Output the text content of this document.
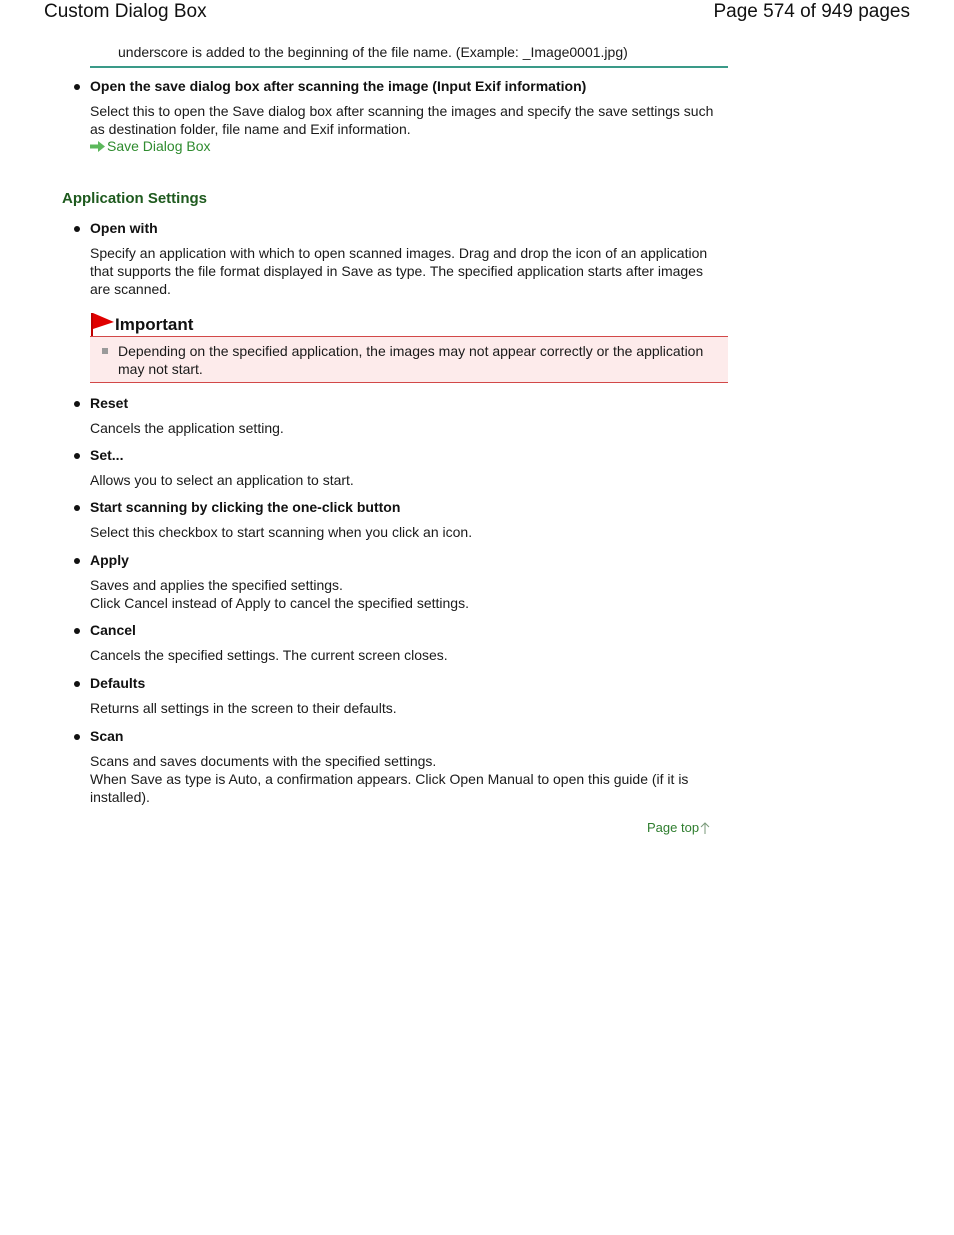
Custom Dialog Box	Page 574 of 949 pages
underscore is added to the beginning of the file name. (Example: _Image0001.jpg)
Open the save dialog box after scanning the image (Input Exif information)
Select this to open the Save dialog box after scanning the images and specify the save settings such as destination folder, file name and Exif information.
Save Dialog Box
Application Settings
Open with
Specify an application with which to open scanned images. Drag and drop the icon of an application that supports the file format displayed in Save as type. The specified application starts after images are scanned.
Important
Depending on the specified application, the images may not appear correctly or the application may not start.
Reset
Cancels the application setting.
Set...
Allows you to select an application to start.
Start scanning by clicking the one-click button
Select this checkbox to start scanning when you click an icon.
Apply
Saves and applies the specified settings.
Click Cancel instead of Apply to cancel the specified settings.
Cancel
Cancels the specified settings. The current screen closes.
Defaults
Returns all settings in the screen to their defaults.
Scan
Scans and saves documents with the specified settings.
When Save as type is Auto, a confirmation appears. Click Open Manual to open this guide (if it is installed).
Page top
